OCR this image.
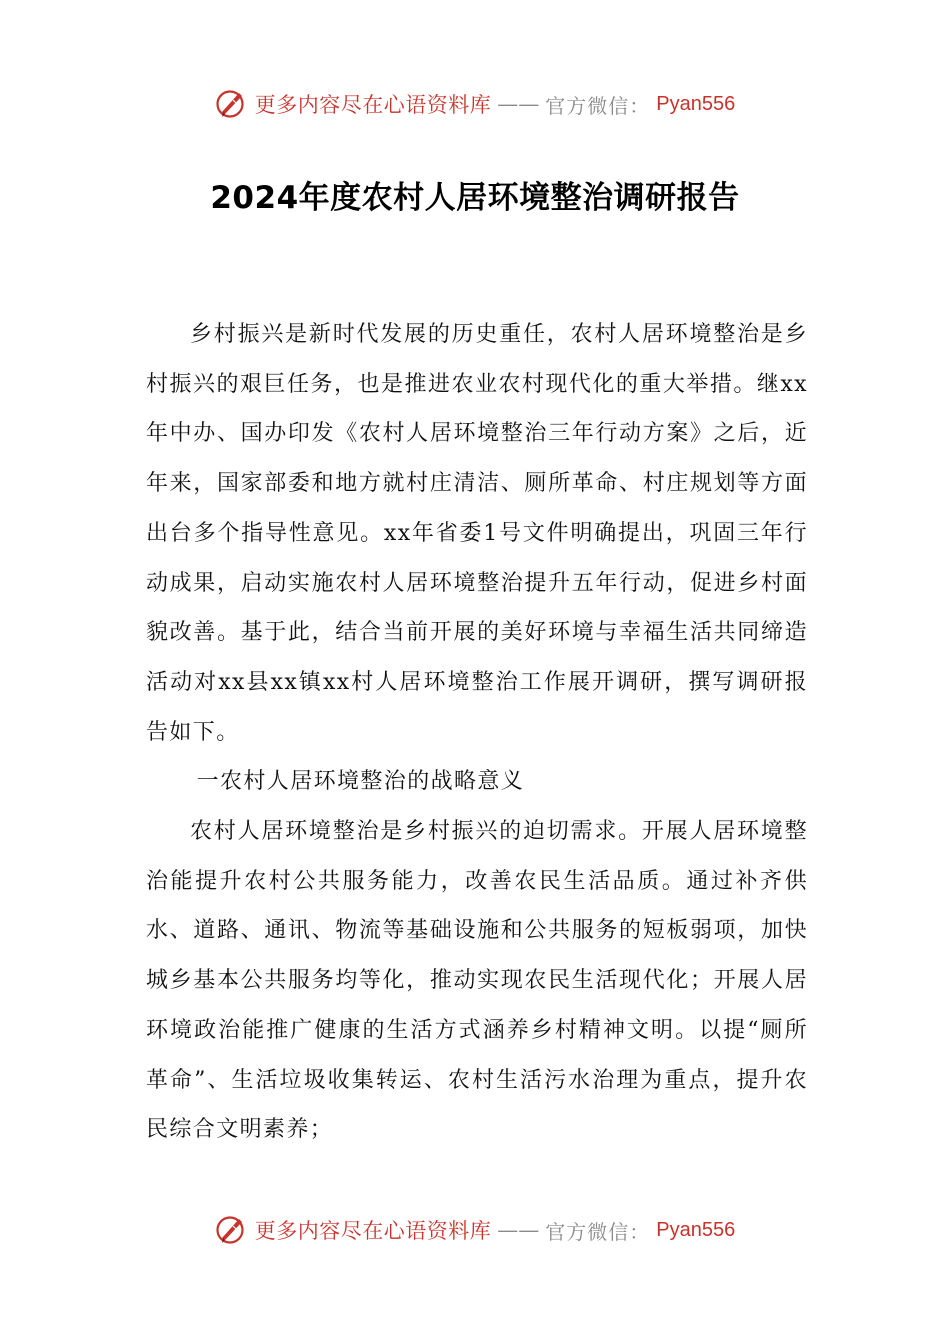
更多内容尽在心语资料库 —— 官方微信： Pyan556
2024年度农村人居环境整治调研报告

乡村振兴是新时代发展的历史重任，农村人居环境整治是乡村振兴的艰巨任务，也是推进农业农村现代化的重大举措。继xx年中办、国办印发《农村人居环境整治三年行动方案》之后，近年来，国家部委和地方就村庄清洁、厕所革命、村庄规划等方面出台多个指导性意见。xx年省委1号文件明确提出，巩固三年行动成果，启动实施农村人居环境整治提升五年行动，促进乡村面貌改善。基于此，结合当前开展的美好环境与幸福生活共同缔造活动对xx县xx镇xx村人居环境整治工作展开调研，撰写调研报告如下。

一农村人居环境整治的战略意义

农村人居环境整治是乡村振兴的迫切需求。开展人居环境整治能提升农村公共服务能力，改善农民生活品质。通过补齐供水、道路、通讯、物流等基础设施和公共服务的短板弱项，加快城乡基本公共服务均等化，推动实现农民生活现代化；开展人居环境政治能推广健康的生活方式涵养乡村精神文明。以提“厕所革命”、生活垃圾收集转运、农村生活污水治理为重点，提升农民综合文明素养；

更多内容尽在心语资料库 —— 官方微信： Pyan556
